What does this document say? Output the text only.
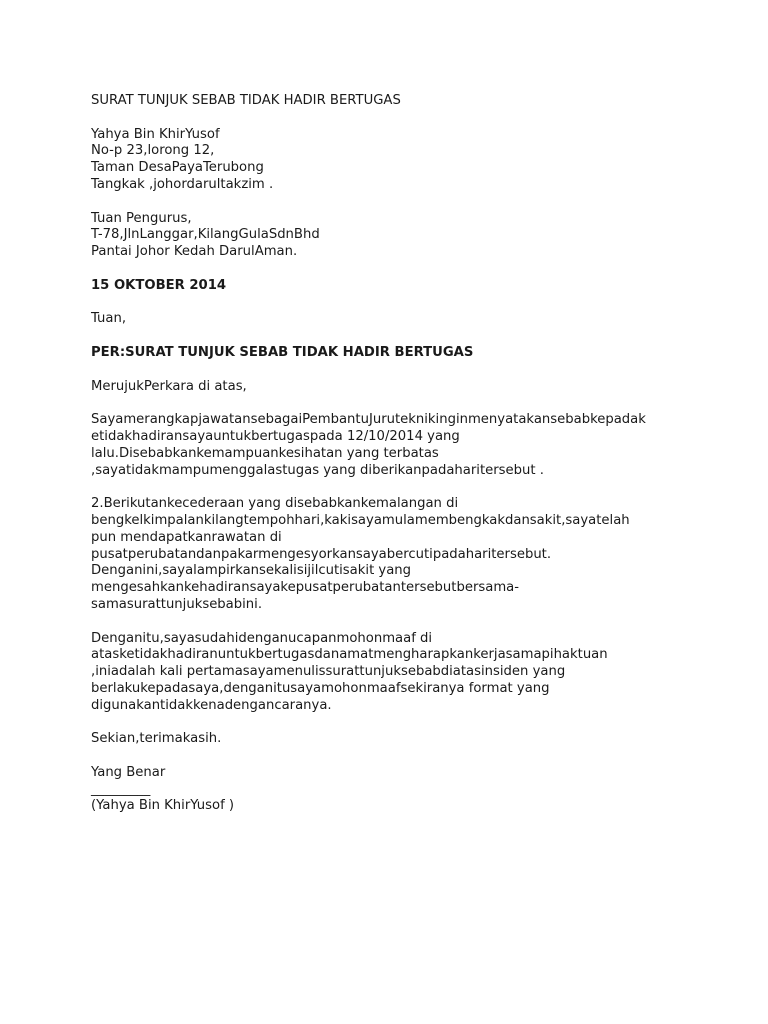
SURAT TUNJUK SEBAB TIDAK HADIR BERTUGAS
Yahya Bin KhirYusof
No-p 23,lorong 12,
Taman DesaPayaTerubong
Tangkak ,johordarultakzim .
Tuan Pengurus,
T-78,JlnLanggar,KilangGulaSdnBhd
Pantai Johor Kedah DarulAman.
15 OKTOBER 2014
Tuan,
PER:SURAT TUNJUK SEBAB TIDAK HADIR BERTUGAS
MerujukPerkara di atas,
SayamerangkapjawatansebagaiPembantuJuruteknikinginmenyatakansebabkepadak
etidakhadiransayauntukbertugaspada 12/10/2014 yang
lalu.Disebabkankemampuankesihatan yang terbatas
,sayatidakmampumenggalastugas yang diberikanpadaharitersebut .
2.Berikutankecederaan yang disebabkankemalangan di
bengkelkimpalankilangtempohhari,kakisayamulamembengkakdansakit,sayatelah
pun mendapatkanrawatan di
pusatperubatandanpakarmengesyorkansayabercutipadaharitersebut.
Denganini,sayalampirkansekalisijilcutisakit yang
mengesahkankehadiransayakepusatperubatantersebutbersama-
samasurattunjuksebabini.
Denganitu,sayasudahidenganucapanmohonmaaf di
atasketidakhadiranuntukbertugasdanamatmengharapkankerjasamapihaktuan
,iniadalah kali pertamasayamenulissurattunjuksebabdiatasinsiden yang
berlakukepadasaya,denganitusayamohonmaafsekiranya format yang
digunakantidakkenadengancaranya.
Sekian,terimakasih.
Yang Benar
_________
(Yahya Bin KhirYusof )
